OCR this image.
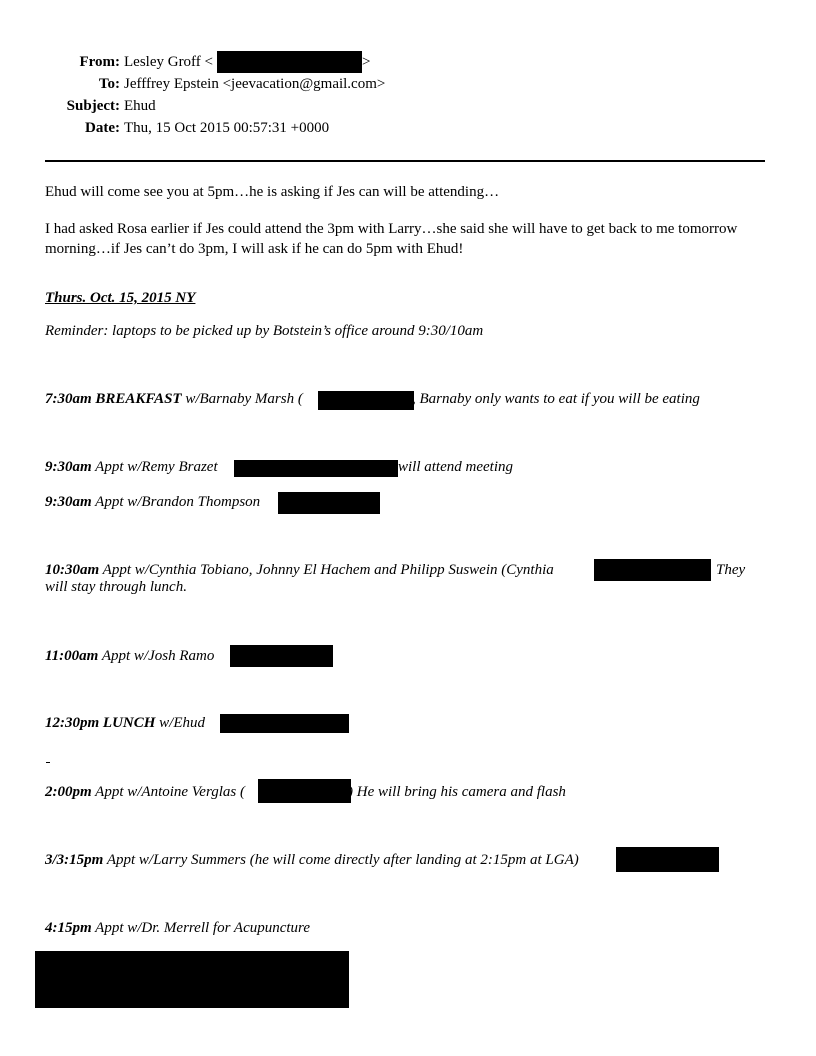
From: Lesley Groff <	>
To: Jefffrey Epstein <jeevacation@gmail.com>
Subject: Ehud
Date: Thu, 15 Oct 2015 00:57:31 +0000
Ehud will come see you at 5pm…he is asking if Jes can will be attending…
I had asked Rosa earlier if Jes could attend the 3pm with Larry…she said she will have to get back to me tomorrow morning…if Jes can’t do 3pm, I will ask if he can do 5pm with Ehud!
Thurs. Oct. 15, 2015 NY
Reminder: laptops to be picked up by Botstein’s office around 9:30/10am
7:30am BREAKFAST w/Barnaby Marsh (	, Barnaby only wants to eat if you will be eating
9:30am Appt w/Remy Brazet	will attend meeting
9:30am Appt w/Brandon Thompson
10:30am Appt w/Cynthia Tobiano, Johnny El Hachem and Philipp Suswein (Cynthia	They
will stay through lunch.
11:00am Appt w/Josh Ramo
12:30pm LUNCH w/Ehud
2:00pm Appt w/Antoine Verglas (	) He will bring his camera and flash
3/3:15pm Appt w/Larry Summers (he will come directly after landing at 2:15pm at LGA)
4:15pm Appt w/Dr. Merrell for Acupuncture
